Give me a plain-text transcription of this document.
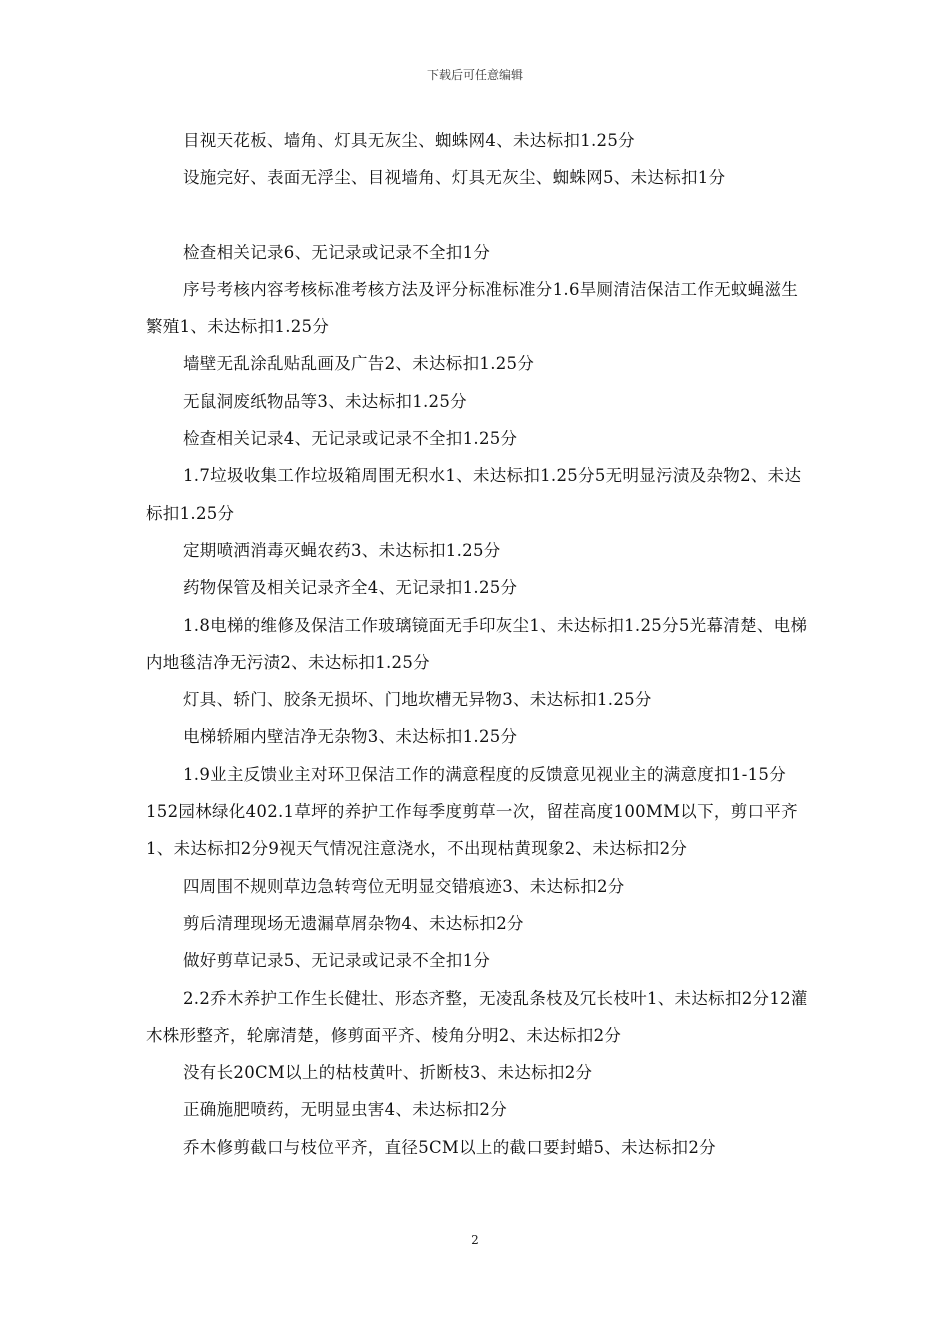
下载后可任意编辑

目视天花板、墙角、灯具无灰尘、蜘蛛网4、未达标扣1.25分

设施完好、表面无浮尘、目视墙角、灯具无灰尘、蜘蛛网5、未达标扣1分

检查相关记录6、无记录或记录不全扣1分

序号考核内容考核标准考核方法及评分标准标准分1.6旱厕清洁保洁工作无蚊蝇滋生繁殖1、未达标扣1.25分

墙壁无乱涂乱贴乱画及广告2、未达标扣1.25分

无鼠洞废纸物品等3、未达标扣1.25分

检查相关记录4、无记录或记录不全扣1.25分

1.7垃圾收集工作垃圾箱周围无积水1、未达标扣1.25分5无明显污渍及杂物2、未达标扣1.25分

定期喷洒消毒灭蝇农药3、未达标扣1.25分

药物保管及相关记录齐全4、无记录扣1.25分

1.8电梯的维修及保洁工作玻璃镜面无手印灰尘1、未达标扣1.25分5光幕清楚、电梯内地毯洁净无污渍2、未达标扣1.25分

灯具、轿门、胶条无损坏、门地坎槽无异物3、未达标扣1.25分

电梯轿厢内壁洁净无杂物3、未达标扣1.25分

1.9业主反馈业主对环卫保洁工作的满意程度的反馈意见视业主的满意度扣1-15分152园林绿化402.1草坪的养护工作每季度剪草一次，留茬高度100MM以下，剪口平齐1、未达标扣2分9视天气情况注意浇水，不出现枯黄现象2、未达标扣2分

四周围不规则草边急转弯位无明显交错痕迹3、未达标扣2分

剪后清理现场无遗漏草屑杂物4、未达标扣2分

做好剪草记录5、无记录或记录不全扣1分

2.2乔木养护工作生长健壮、形态齐整，无凌乱条枝及冗长枝叶1、未达标扣2分12灌木株形整齐，轮廓清楚，修剪面平齐、棱角分明2、未达标扣2分

没有长20CM以上的枯枝黄叶、折断枝3、未达标扣2分

正确施肥喷药，无明显虫害4、未达标扣2分

乔木修剪截口与枝位平齐，直径5CM以上的截口要封蜡5、未达标扣2分

2
